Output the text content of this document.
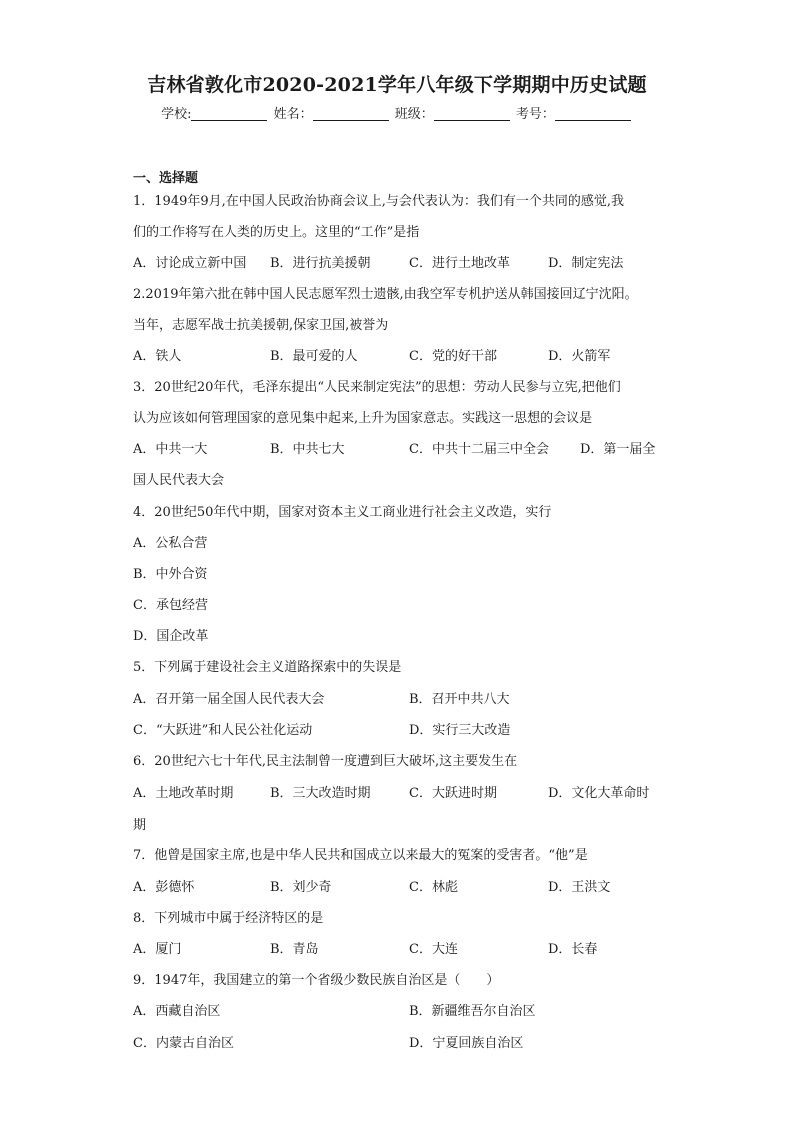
吉林省敦化市2020-2021学年八年级下学期期中历史试题
学校:	姓名：	班级：	考号：
一、选择题
1．1949年9月,在中国人民政治协商会议上,与会代表认为：我们有一个共同的感觉,我
们的工作将写在人类的历史上。这里的“工作”是指
A．讨论成立新中国 B．进行抗美援朝	C．进行土地改革	D．制定宪法
2.2019年第六批在韩中国人民志愿军烈士遗骸,由我空军专机护送从韩国接回辽宁沈阳。
当年，志愿军战士抗美援朝,保家卫国,被誉为
A．铁人	B．最可爱的人	C．党的好干部	D．火箭军
3．20世纪20年代，毛泽东提出“人民来制定宪法”的思想：劳动人民参与立宪,把他们
认为应该如何管理国家的意见集中起来,上升为国家意志。实践这一思想的会议是
A．中共一大	B．中共七大	C．中共十二届三中全会 D．第一届全
国人民代表大会
4．20世纪50年代中期，国家对资本主义工商业进行社会主义改造，实行
A．公私合营
B．中外合资
C．承包经营
D．国企改革
5．下列属于建设社会主义道路探索中的失误是
A．召开第一届全国人民代表大会	B．召开中共八大
C．“大跃进”和人民公社化运动	D．实行三大改造
6．20世纪六七十年代,民主法制曾一度遭到巨大破坏,这主要发生在
A．土地改革时期	B．三大改造时期	C．大跃进时期	D．文化大革命时
期
7．他曾是国家主席,也是中华人民共和国成立以来最大的冤案的受害者。“他”是
A．彭德怀	B．刘少奇	C．林彪	D．王洪文
8．下列城市中属于经济特区的是
A．厦门	B．青岛	C．大连	D．长春
9．1947年，我国建立的第一个省级少数民族自治区是（　　）
A．西藏自治区	B．新疆维吾尔自治区
C．内蒙古自治区	D．宁夏回族自治区
